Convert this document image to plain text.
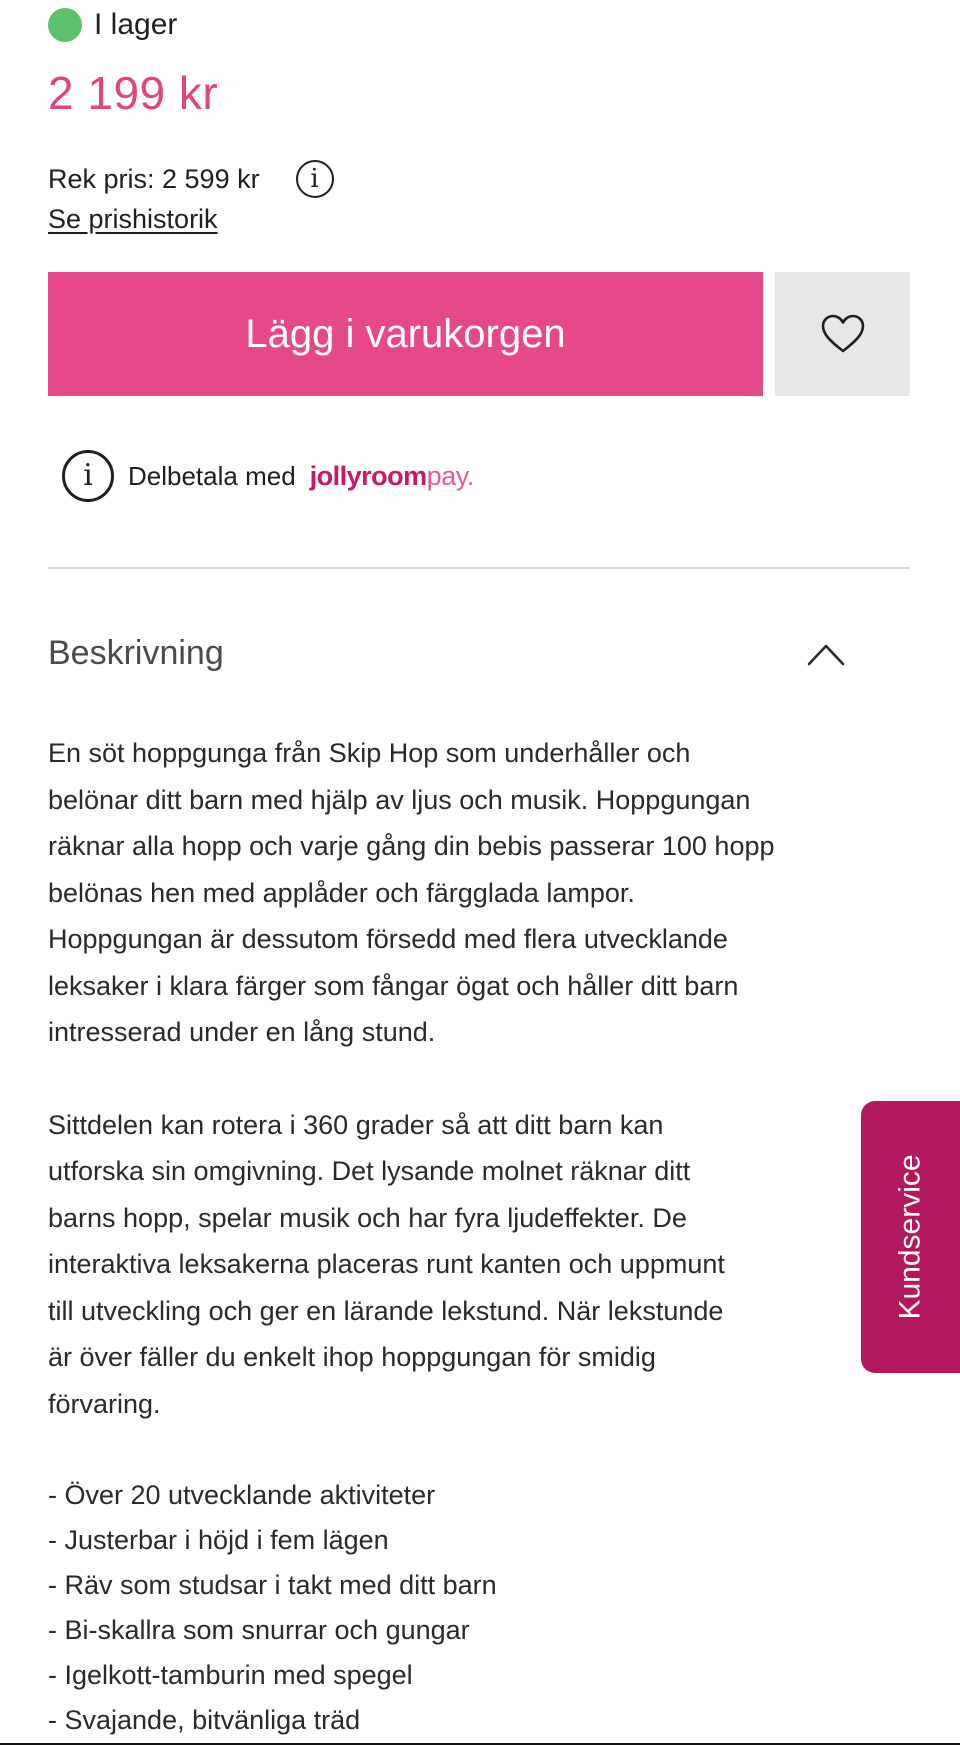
I lager
2 199 kr
Rek pris: 2 599 kr	i
Se prishistorik
Lägg i varukorgen
i	Delbetala med jollyroompay.
Beskrivning

En söt hoppgunga från Skip Hop som underhåller och
belönar ditt barn med hjälp av ljus och musik. Hoppgungan
räknar alla hopp och varje gång din bebis passerar 100 hopp
belönas hen med applåder och färgglada lampor.
Hoppgungan är dessutom försedd med flera utvecklande
leksaker i klara färger som fångar ögat och håller ditt barn
intresserad under en lång stund.

Sittdelen kan rotera i 360 grader så att ditt barn kan
utforska sin omgivning. Det lysande molnet räknar ditt
barns hopp, spelar musik och har fyra ljudeffekter. De
interaktiva leksakerna placeras runt kanten och uppmunt
till utveckling och ger en lärande lekstund. När lekstunde
är över fäller du enkelt ihop hoppgungan för smidig
förvaring.

- Över 20 utvecklande aktiviteter
- Justerbar i höjd i fem lägen
- Räv som studsar i takt med ditt barn
- Bi-skallra som snurrar och gungar
- Igelkott-tamburin med spegel
- Svajande, bitvänliga träd
Kundservice
